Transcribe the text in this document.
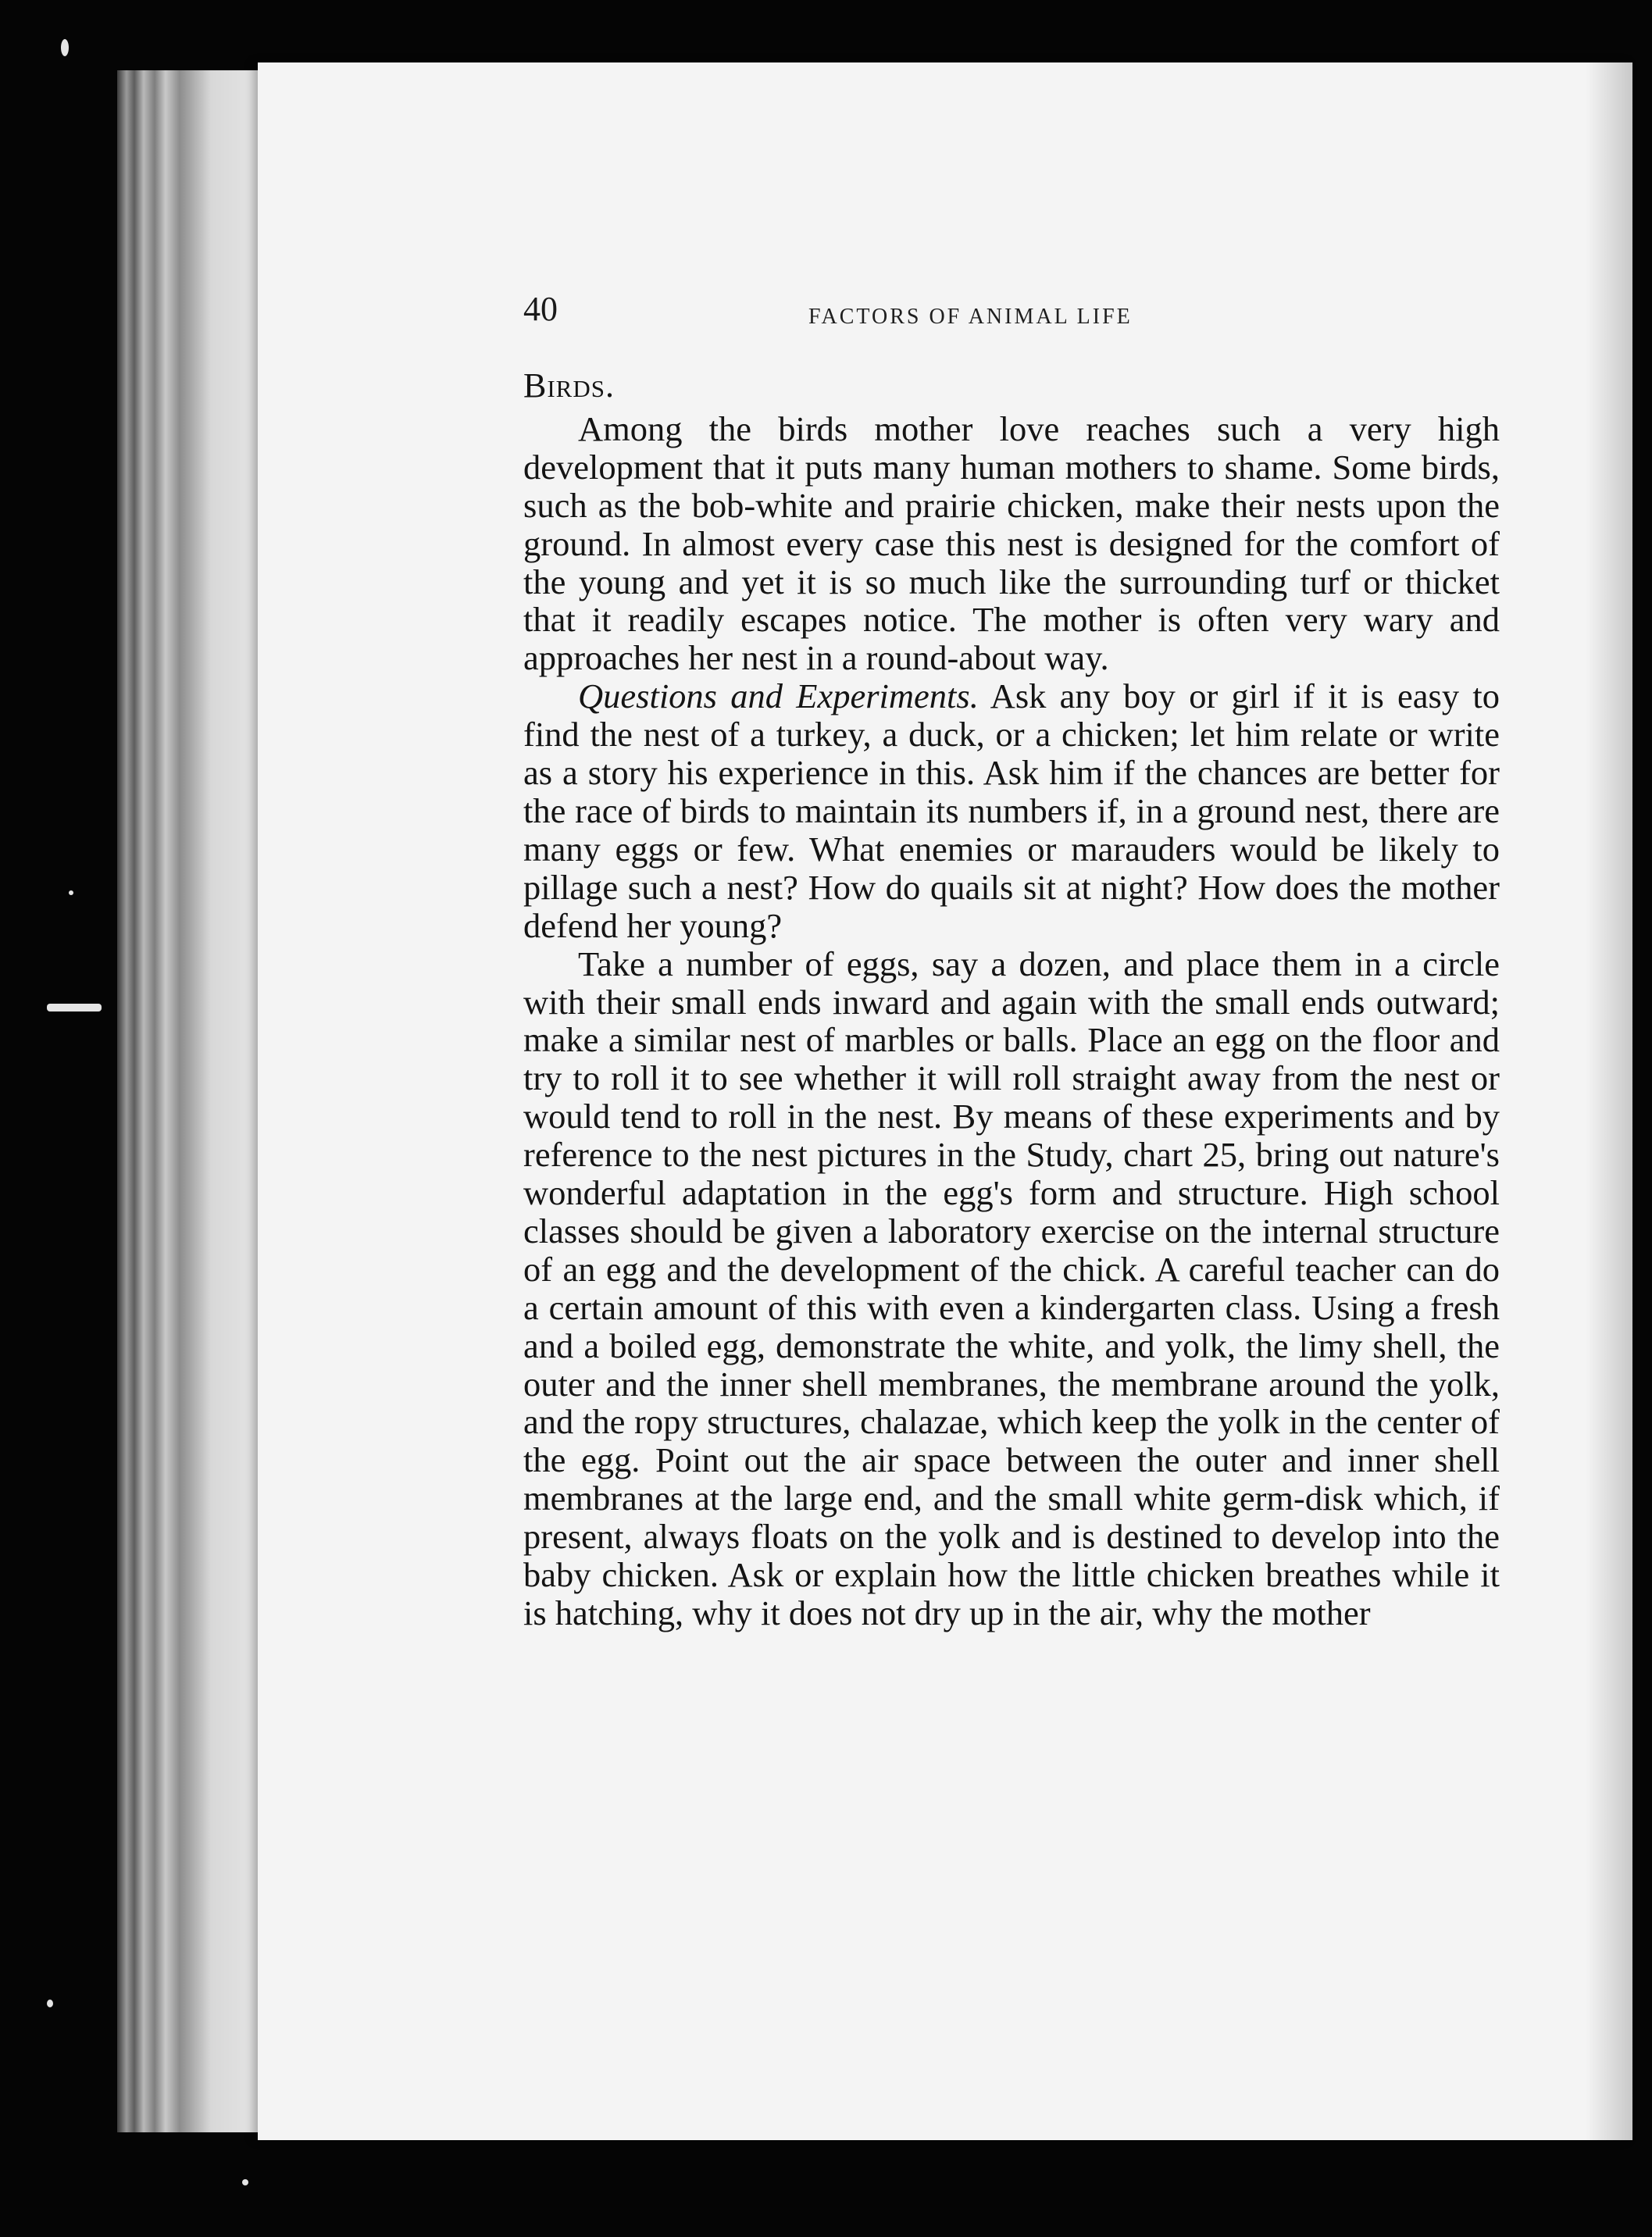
40	FACTORS OF ANIMAL LIFE
Birds.

Among the birds mother love reaches such a very high development that it puts many human mothers to shame. Some birds, such as the bob-white and prairie chicken, make their nests upon the ground. In almost every case this nest is designed for the comfort of the young and yet it is so much like the surrounding turf or thicket that it readily escapes notice. The mother is often very wary and approaches her nest in a round-about way.

Questions and Experiments. Ask any boy or girl if it is easy to find the nest of a turkey, a duck, or a chicken; let him relate or write as a story his experience in this. Ask him if the chances are better for the race of birds to maintain its numbers if, in a ground nest, there are many eggs or few. What enemies or marauders would be likely to pillage such a nest? How do quails sit at night? How does the mother defend her young?

Take a number of eggs, say a dozen, and place them in a circle with their small ends inward and again with the small ends outward; make a similar nest of marbles or balls. Place an egg on the floor and try to roll it to see whether it will roll straight away from the nest or would tend to roll in the nest. By means of these experiments and by reference to the nest pictures in the Study, chart 25, bring out nature's wonderful adaptation in the egg's form and structure. High school classes should be given a laboratory exercise on the internal structure of an egg and the development of the chick. A careful teacher can do a certain amount of this with even a kindergarten class. Using a fresh and a boiled egg, demonstrate the white, and yolk, the limy shell, the outer and the inner shell membranes, the membrane around the yolk, and the ropy structures, chalazae, which keep the yolk in the center of the egg. Point out the air space between the outer and inner shell membranes at the large end, and the small white germ-disk which, if present, always floats on the yolk and is destined to develop into the baby chicken. Ask or explain how the little chicken breathes while it is hatching, why it does not dry up in the air, why the mother
